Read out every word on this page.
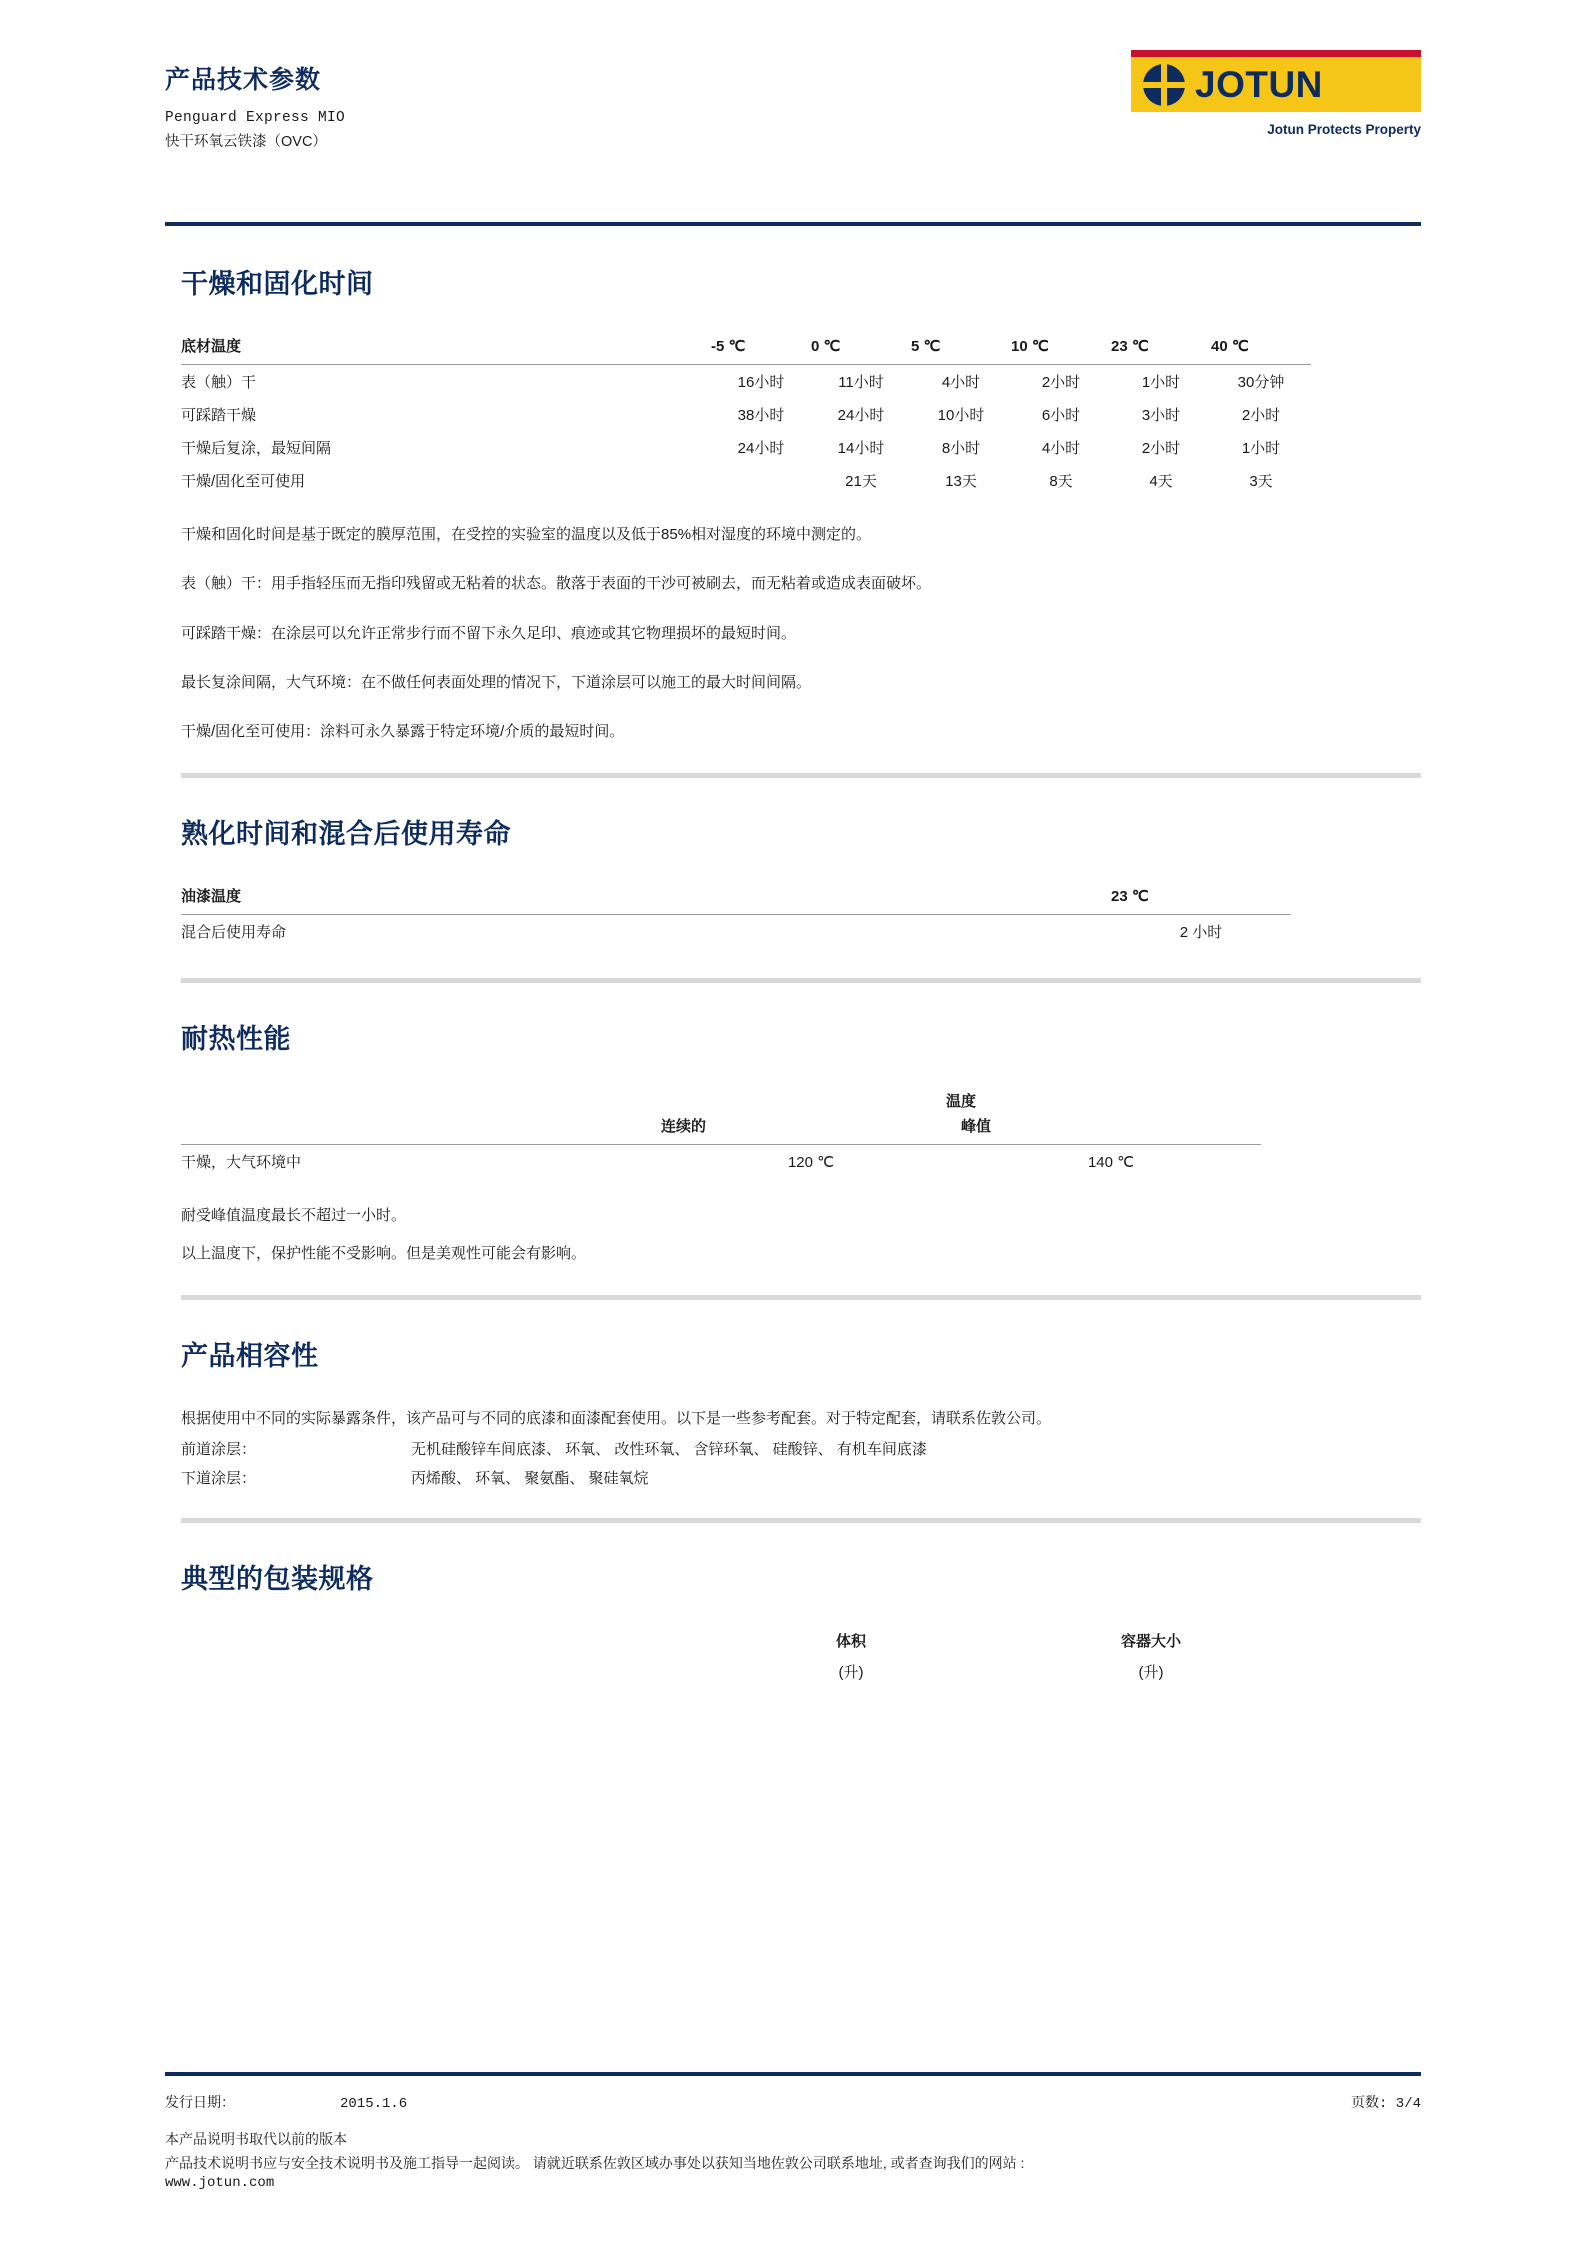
产品技术参数
Penguard Express MIO
快干环氧云铁漆（OVC）
JOTUN
Jotun Protects Property
干燥和固化时间
底材温度	-5 ℃	0 ℃	5 ℃	10 ℃	23 ℃	40 ℃
表（触）干	16小时	11小时	4小时	2小时	1小时	30分钟
可踩踏干燥	38小时	24小时	10小时	6小时	3小时	2小时
干燥后复涂，最短间隔	24小时	14小时	8小时	4小时	2小时	1小时
干燥/固化至可使用		21天	13天	8天	4天	3天

干燥和固化时间是基于既定的膜厚范围，在受控的实验室的温度以及低于85%相对湿度的环境中测定的。

表（触）干：用手指轻压而无指印残留或无粘着的状态。散落于表面的干沙可被刷去，而无粘着或造成表面破坏。

可踩踏干燥：在涂层可以允许正常步行而不留下永久足印、痕迹或其它物理损坏的最短时间。

最长复涂间隔，大气环境：在不做任何表面处理的情况下，下道涂层可以施工的最大时间间隔。

干燥/固化至可使用：涂料可永久暴露于特定环境/介质的最短时间。

熟化时间和混合后使用寿命
油漆温度	23 ℃
混合后使用寿命	2 小时
耐热性能
	温度	
	连续的	峰值
干燥，大气环境中	120 ℃	140 ℃

耐受峰值温度最长不超过一小时。

以上温度下，保护性能不受影响。但是美观性可能会有影响。

产品相容性

根据使用中不同的实际暴露条件，该产品可与不同的底漆和面漆配套使用。以下是一些参考配套。对于特定配套，请联系佐敦公司。

前道涂层：	无机硅酸锌车间底漆、 环氧、 改性环氧、 含锌环氧、 硅酸锌、 有机车间底漆
下道涂层：	丙烯酸、 环氧、 聚氨酯、 聚硅氧烷
典型的包装规格
体积	容器大小
(升)	(升)
发行日期：	2015.1.6	页数: 3/4
本产品说明书取代以前的版本
产品技术说明书应与安全技术说明书及施工指导一起阅读。 请就近联系佐敦区域办事处以获知当地佐敦公司联系地址, 或者查询我们的网站 :
www.jotun.com
